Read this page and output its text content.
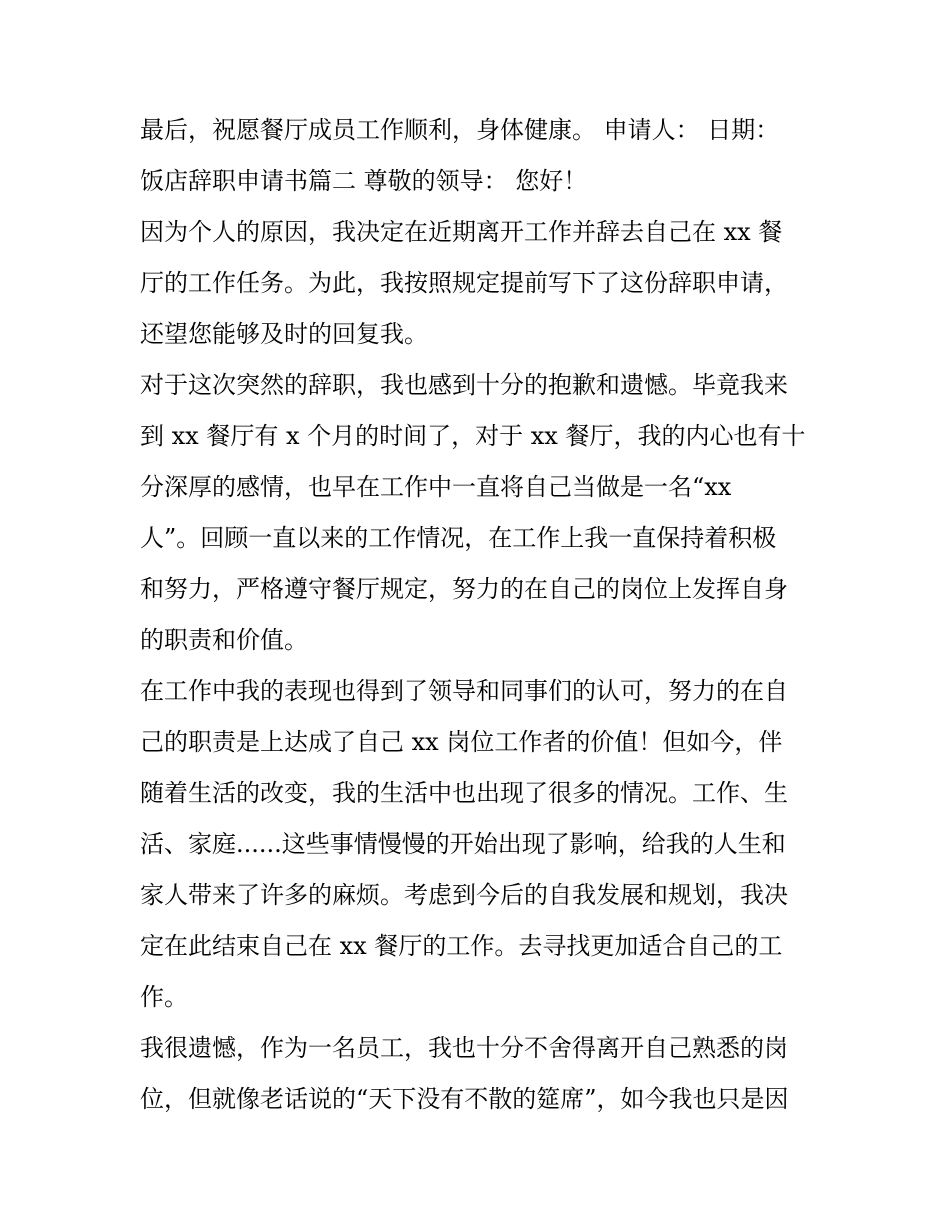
最后，祝愿餐厅成员工作顺利，身体健康。 申请人： 日期：
饭店辞职申请书篇二 尊敬的领导： 您好！
因为个人的原因，我决定在近期离开工作并辞去自己在 xx 餐
厅的工作任务。为此，我按照规定提前写下了这份辞职申请，
还望您能够及时的回复我。
对于这次突然的辞职，我也感到十分的抱歉和遗憾。毕竟我来
到 xx 餐厅有 x 个月的时间了，对于 xx 餐厅，我的内心也有十
分深厚的感情，也早在工作中一直将自己当做是一名“xx
人”。回顾一直以来的工作情况，在工作上我一直保持着积极
和努力，严格遵守餐厅规定，努力的在自己的岗位上发挥自身
的职责和价值。
在工作中我的表现也得到了领导和同事们的认可，努力的在自
己的职责是上达成了自己 xx 岗位工作者的价值！但如今，伴
随着生活的改变，我的生活中也出现了很多的情况。工作、生
活、家庭......这些事情慢慢的开始出现了影响，给我的人生和
家人带来了许多的麻烦。考虑到今后的自我发展和规划，我决
定在此结束自己在 xx 餐厅的工作。去寻找更加适合自己的工
作。
我很遗憾，作为一名员工，我也十分不舍得离开自己熟悉的岗
位，但就像老话说的“天下没有不散的筵席”，如今我也只是因
